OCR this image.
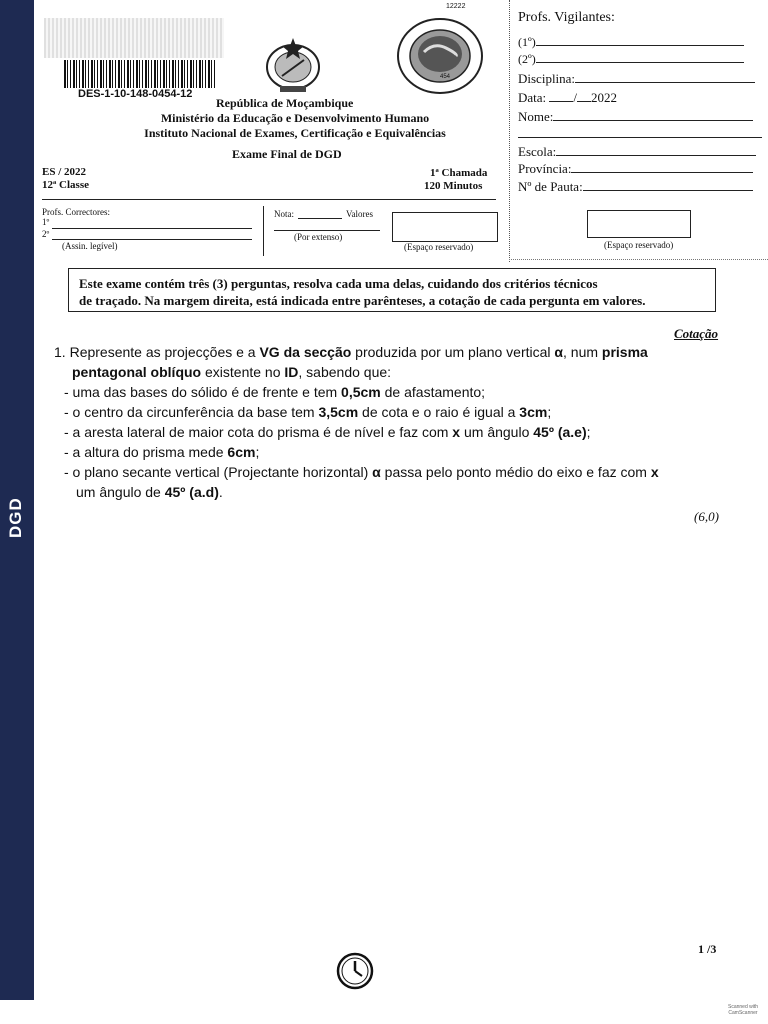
DGD
DES-1-10-148-0454-12
12222
454
República de Moçambique
Ministério da Educação e Desenvolvimento Humano
Instituto Nacional de Exames, Certificação e Equivalências
Exame Final de DGD
ES / 2022
12ª Classe
1ª Chamada
120 Minutos
Profs. Correctores:
1º
2º
(Assin. legível)
Nota:	Valores
(Por extenso)
(Espaço reservado)
Profs. Vigilantes:
(1º)
(2º)
Disciplina:
Data: / 2022
Nome:
Escola:
Província:
Nº de Pauta:
(Espaço reservado)
Este exame contém três (3) perguntas, resolva cada uma delas, cuidando dos critérios técnicos
de traçado. Na margem direita, está indicada entre parênteses, a cotação de cada pergunta em valores.
Cotação
1. Represente as projecções e a VG da secção produzida por um plano vertical α, num prisma
pentagonal oblíquo existente no ID, sabendo que:
- uma das bases do sólido é de frente e tem 0,5cm de afastamento;
- o centro da circunferência da base tem 3,5cm de cota e o raio é igual a 3cm;
- a aresta lateral de maior cota do prisma é de nível e faz com x um ângulo 45º (a.e);
- a altura do prisma mede 6cm;
- o plano secante vertical (Projectante horizontal) α passa pelo ponto médio do eixo e faz com x
um ângulo de 45º (a.d).
(6,0)
1 /3
Scanned with CamScanner
